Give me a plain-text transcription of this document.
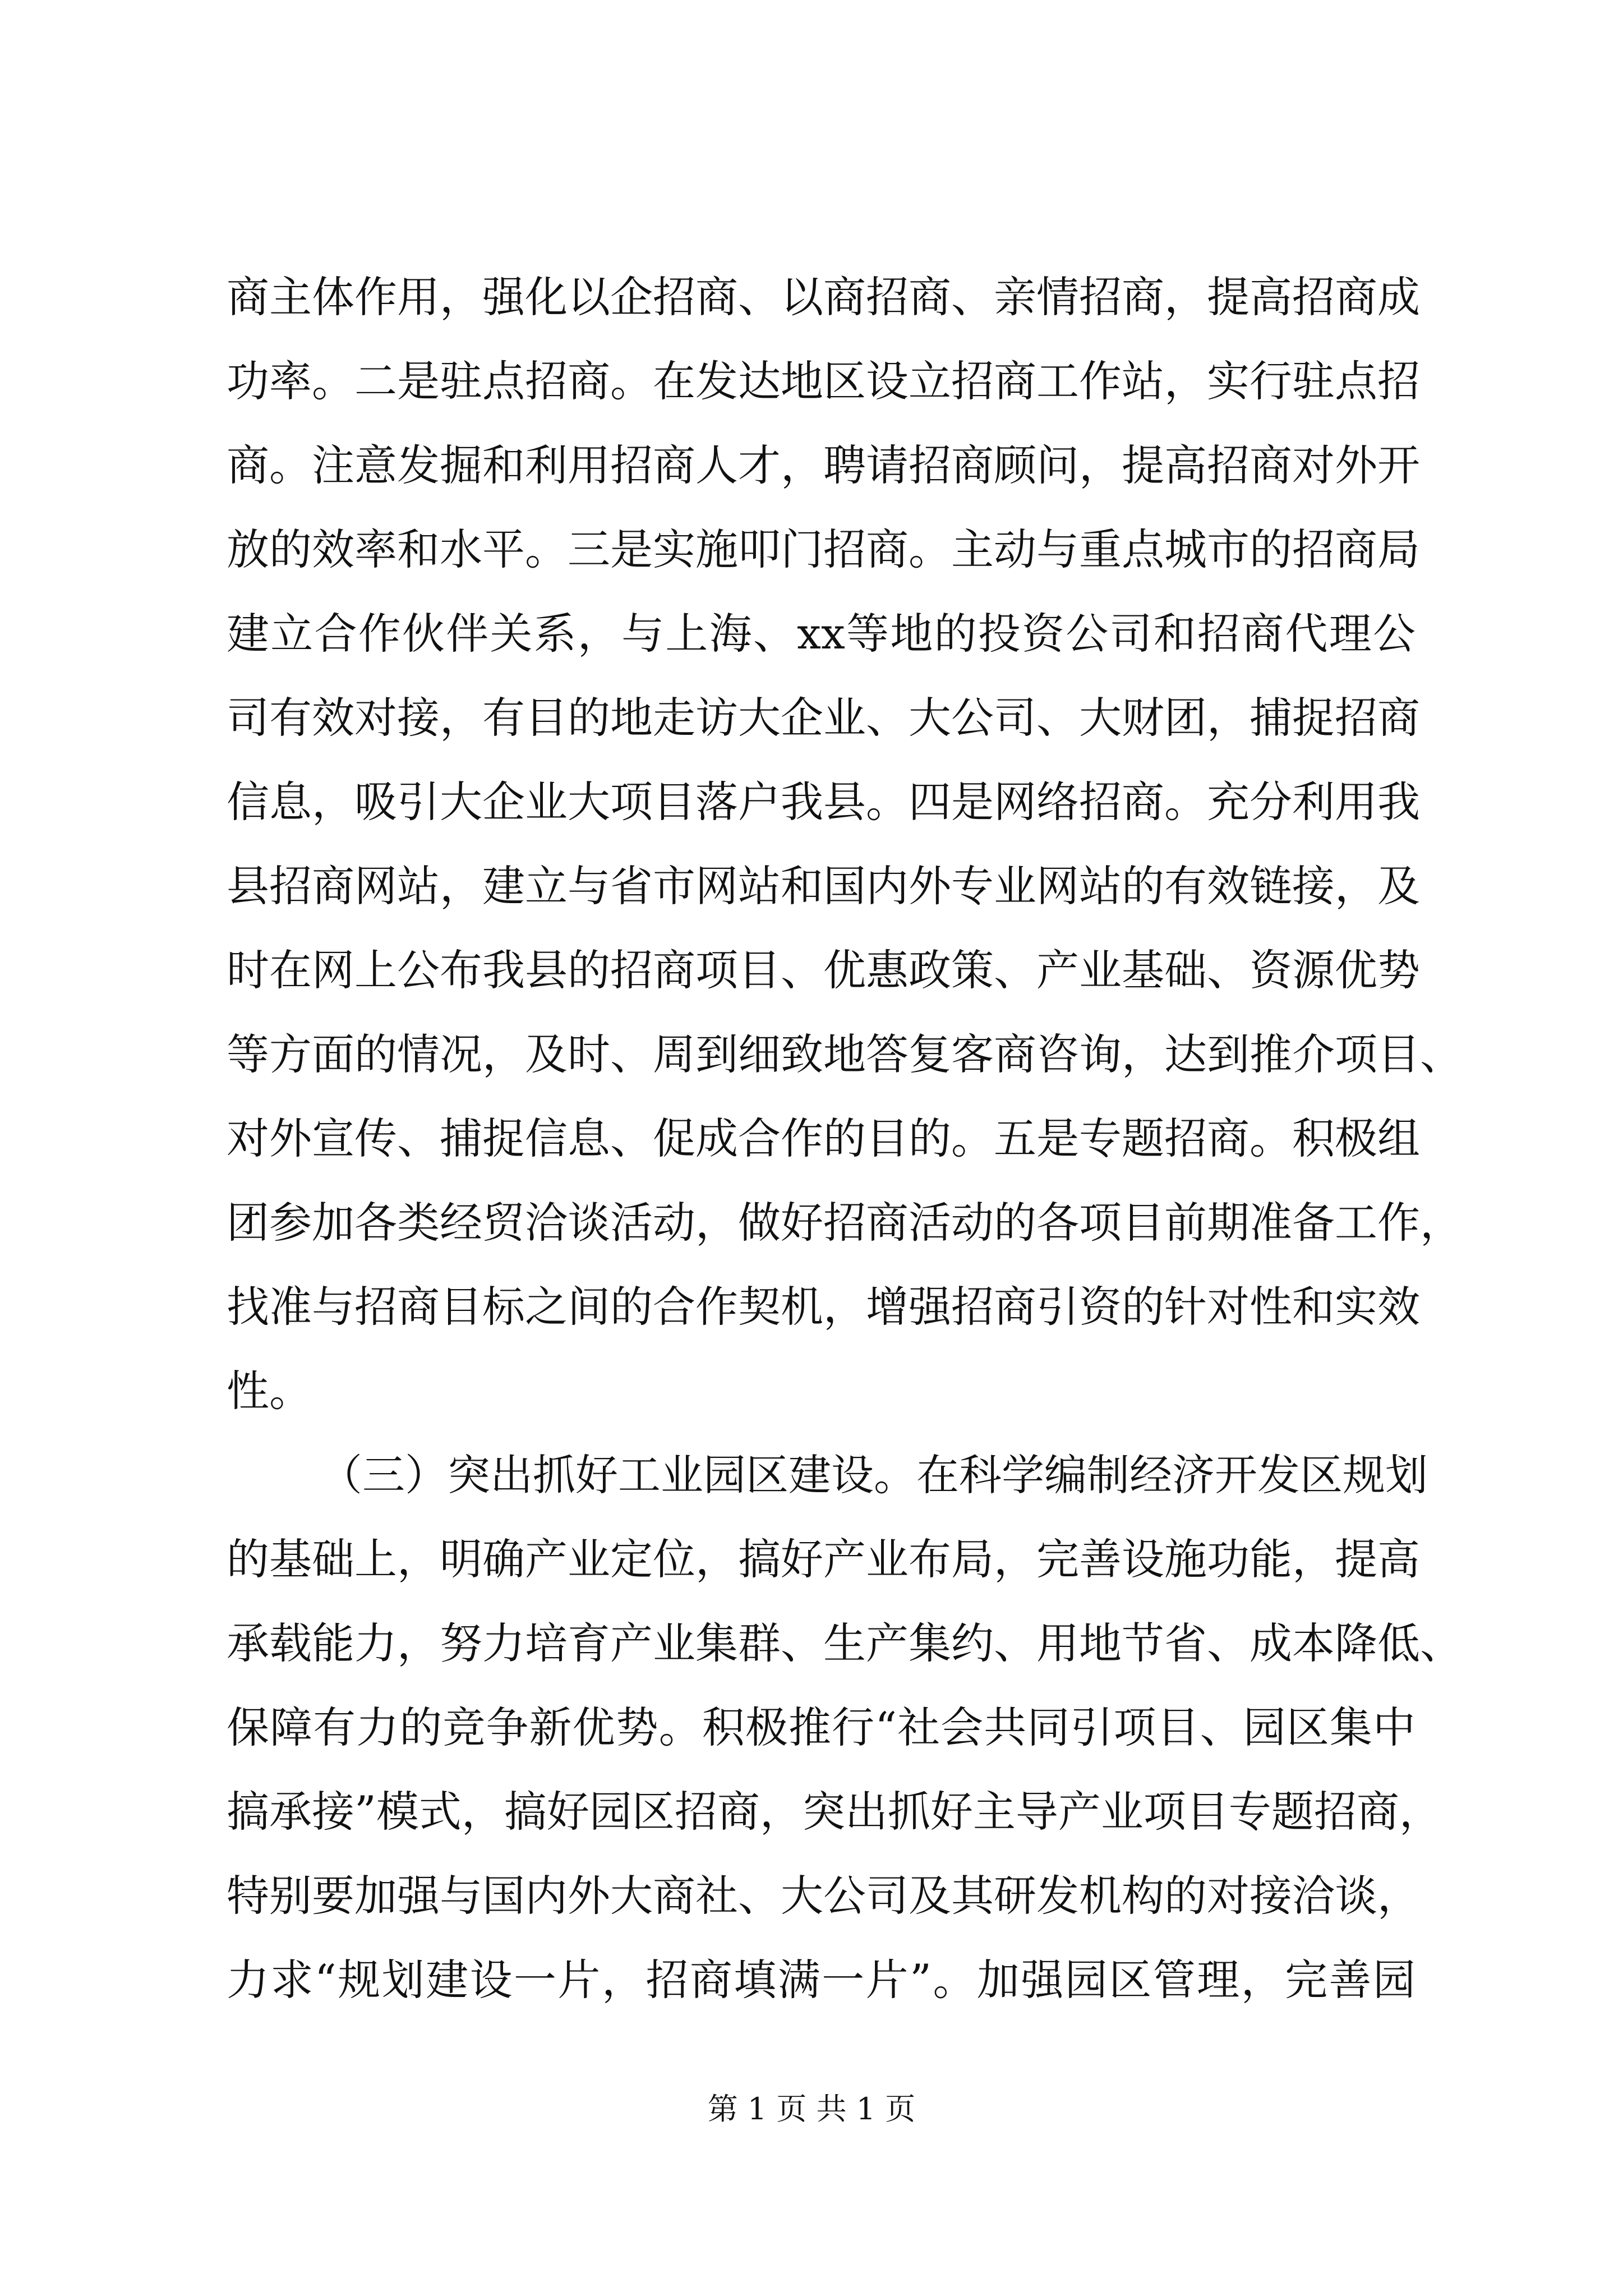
商主体作用，强化以企招商、以商招商、亲情招商，提高招商成
功率。二是驻点招商。在发达地区设立招商工作站，实行驻点招
商。注意发掘和利用招商人才，聘请招商顾问，提高招商对外开
放的效率和水平。三是实施叩门招商。主动与重点城市的招商局
建立合作伙伴关系，与上海、xx等地的投资公司和招商代理公
司有效对接，有目的地走访大企业、大公司、大财团，捕捉招商
信息，吸引大企业大项目落户我县。四是网络招商。充分利用我
县招商网站，建立与省市网站和国内外专业网站的有效链接，及
时在网上公布我县的招商项目、优惠政策、产业基础、资源优势
等方面的情况，及时、周到细致地答复客商咨询，达到推介项目、
对外宣传、捕捉信息、促成合作的目的。五是专题招商。积极组
团参加各类经贸洽谈活动，做好招商活动的各项目前期准备工作，
找准与招商目标之间的合作契机，增强招商引资的针对性和实效
性。
（三）突出抓好工业园区建设。在科学编制经济开发区规划
的基础上，明确产业定位，搞好产业布局，完善设施功能，提高
承载能力，努力培育产业集群、生产集约、用地节省、成本降低、
保障有力的竞争新优势。积极推行“社会共同引项目、园区集中
搞承接”模式，搞好园区招商，突出抓好主导产业项目专题招商，
特别要加强与国内外大商社、大公司及其研发机构的对接洽谈，
力求“规划建设一片，招商填满一片”。加强园区管理，完善园
第 1 页 共 1 页
